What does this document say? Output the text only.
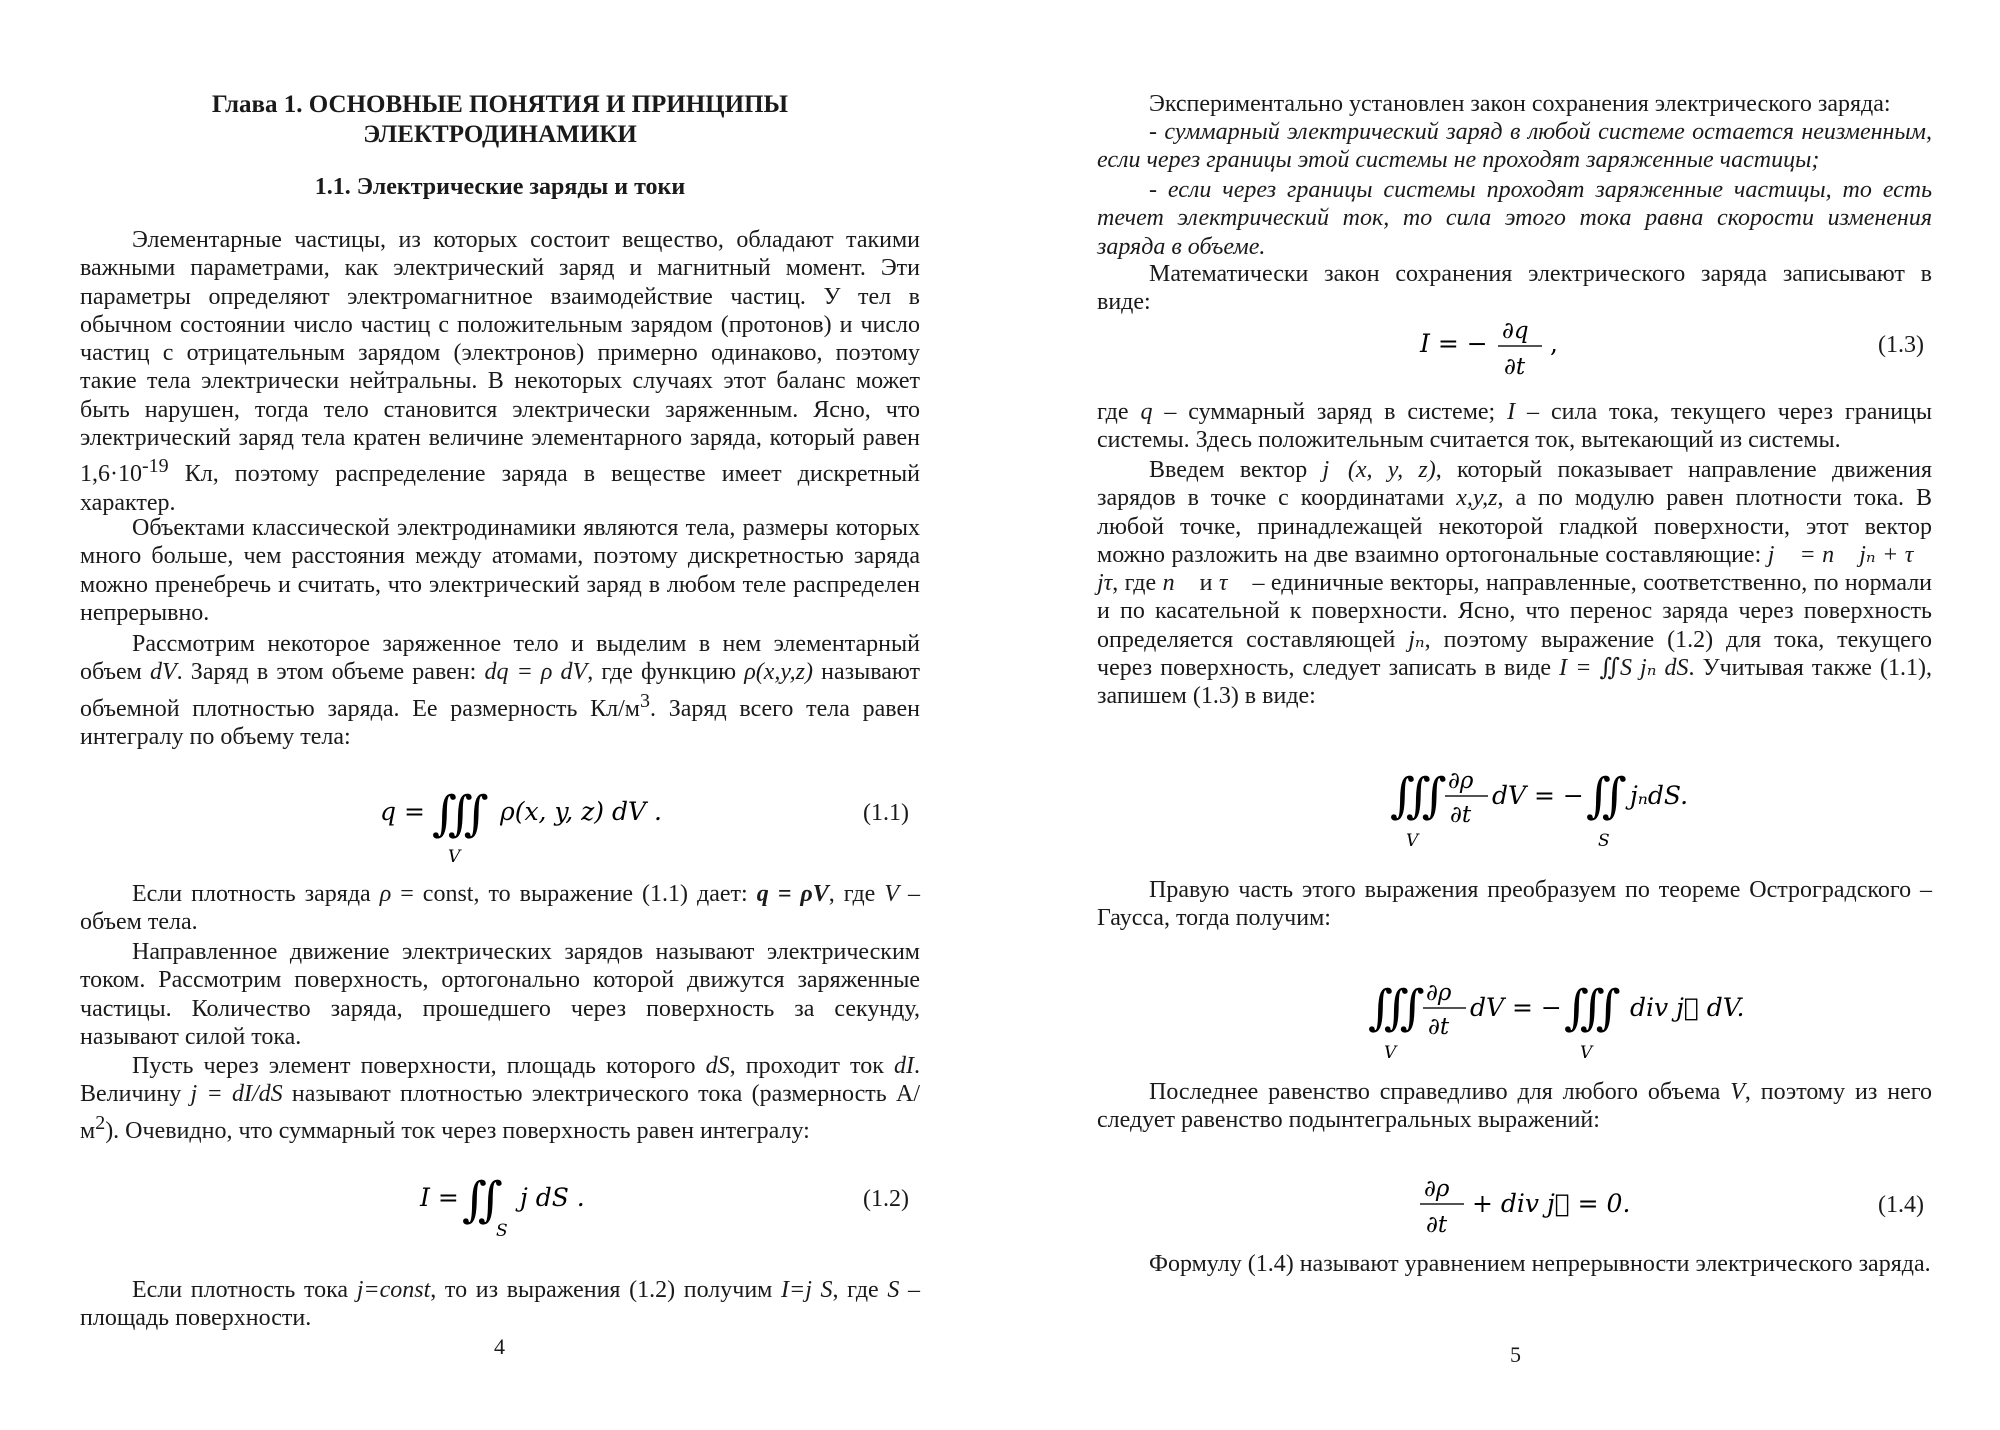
Глава 1. ОСНОВНЫЕ ПОНЯТИЯ И ПРИНЦИПЫ
ЭЛЕКТРОДИНАМИКИ
1.1. Электрические заряды и токи

Элементарные частицы, из которых состоит вещество, обладают такими важными параметрами, как электрический заряд и магнитный момент. Эти параметры определяют электромагнитное взаимодействие частиц. У тел в обычном состоянии число частиц с положительным зарядом (протонов) и число частиц с отрицательным зарядом (электронов) примерно одинаково, поэтому такие тела электрически нейтральны. В некоторых случаях этот баланс может быть нарушен, тогда тело становится электрически заряженным. Ясно, что электрический заряд тела кратен величине элементарного заряда, который равен $1,6\cdot 10^{-19}$ Кл, поэтому распределение заряда в веществе имеет дискретный характер.

Объектами классической электродинамики являются тела, размеры которых много больше, чем расстояния между атомами, поэтому дискретностью заряда можно пренебречь и считать, что электрический заряд в любом теле распределен непрерывно.

Рассмотрим некоторое заряженное тело и выделим в нем элементарный объем dV. Заряд в этом объеме равен: dq = ρ dV, где функцию ρ(x,y,z) называют объемной плотностью заряда. Ее размерность $Кл/м^3$. Заряд всего тела равен интегралу по объему тела:

q = ∭
V
ρ(x, y, z) dV .	(1.1)

Если плотность заряда ρ = const, то выражение (1.1) дает: q = ρV, где V – объем тела.

Направленное движение электрических зарядов называют электрическим током. Рассмотрим поверхность, ортогонально которой движутся заряженные частицы. Количество заряда, прошедшего через поверхность за секунду, называют силой тока.

Пусть через элемент поверхности, площадь которого dS, проходит ток dI. Величину j = dI/dS называют плотностью электрического тока (размерность $А/м^2$). Очевидно, что суммарный ток через поверхность равен интегралу:

I = ∬
S
j dS .	(1.2)

Если плотность тока j=const, то из выражения (1.2) получим I=j S, где S – площадь поверхности.

4

Экспериментально установлен закон сохранения электрического заряда:

- суммарный электрический заряд в любой системе остается неизменным, если через границы этой системы не проходят заряженные частицы;

- если через границы системы проходят заряженные частицы, то есть течет электрический ток, то сила этого тока равна скорости изменения заряда в объеме.

Математически закон сохранения электрического заряда записывают в виде:

I = − ∂q
∂t
,	(1.3)

где q – суммарный заряд в системе; I – сила тока, текущего через границы системы. Здесь положительным считается ток, вытекающий из системы.

Введем вектор j⃗(x, y, z), который показывает направление движения зарядов в точке с координатами x,y,z, а по модулю равен плотности тока. В любой точке, принадлежащей некоторой гладкой поверхности, этот вектор можно разложить на две взаимно ортогональные составляющие: j⃗ = n⃗ jₙ + τ⃗ jτ, где n⃗ и τ⃗ – единичные векторы, направленные, соответственно, по нормали и по касательной к поверхности. Ясно, что перенос заряда через поверхность определяется составляющей jₙ, поэтому выражение (1.2) для тока, текущего через поверхность, следует записать в виде I = ∬S jₙ dS. Учитывая также (1.1), запишем (1.3) в виде:

∭
V
∂ρ
∂t
dV = − ∬
S
jₙdS.

Правую часть этого выражения преобразуем по теореме Остроградского – Гаусса, тогда получим:

∭
V
∂ρ
∂t
dV = − ∭
V
div j⃗ dV.

Последнее равенство справедливо для любого объема V, поэтому из него следует равенство подынтегральных выражений:

∂ρ
∂t
+ div j⃗ = 0.	(1.4)

Формулу (1.4) называют уравнением непрерывности электрического заряда.

5
